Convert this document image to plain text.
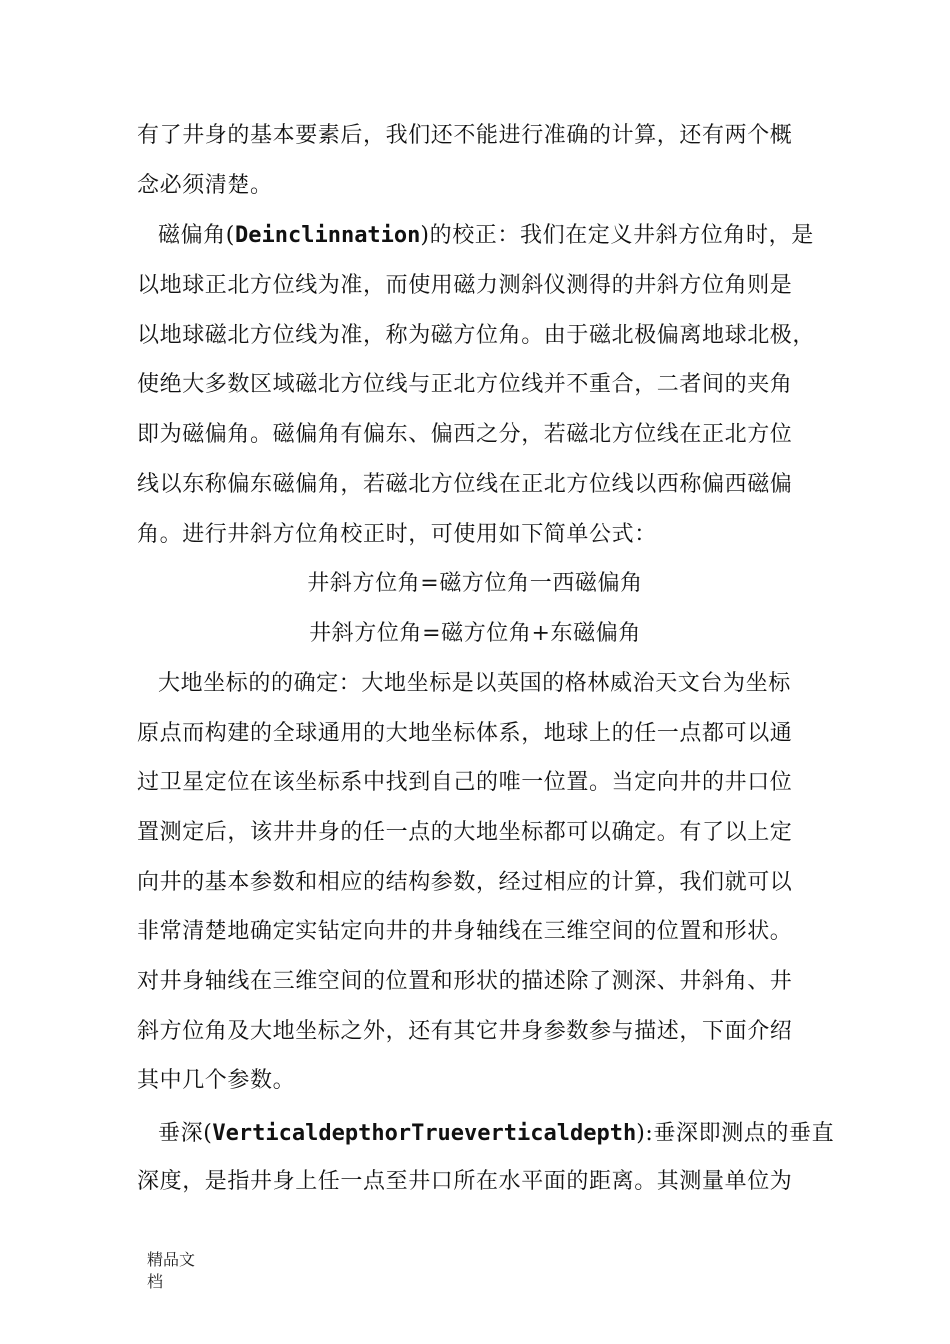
有了井身的基本要素后，我们还不能进行准确的计算，还有两个概
念必须清楚。
磁偏角(Deinclinnation)的校正：我们在定义井斜方位角时，是
以地球正北方位线为准，而使用磁力测斜仪测得的井斜方位角则是
以地球磁北方位线为准，称为磁方位角。由于磁北极偏离地球北极，
使绝大多数区域磁北方位线与正北方位线并不重合，二者间的夹角
即为磁偏角。磁偏角有偏东、偏西之分，若磁北方位线在正北方位
线以东称偏东磁偏角，若磁北方位线在正北方位线以西称偏西磁偏
角。进行井斜方位角校正时，可使用如下简单公式：
井斜方位角=磁方位角一西磁偏角
井斜方位角=磁方位角+东磁偏角
大地坐标的的确定：大地坐标是以英国的格林威治天文台为坐标
原点而构建的全球通用的大地坐标体系，地球上的任一点都可以通
过卫星定位在该坐标系中找到自己的唯一位置。当定向井的井口位
置测定后，该井井身的任一点的大地坐标都可以确定。有了以上定
向井的基本参数和相应的结构参数，经过相应的计算，我们就可以
非常清楚地确定实钻定向井的井身轴线在三维空间的位置和形状。
对井身轴线在三维空间的位置和形状的描述除了测深、井斜角、井
斜方位角及大地坐标之外，还有其它井身参数参与描述，下面介绍
其中几个参数。
垂深(VerticaldepthorTrueverticaldepth):垂深即测点的垂直
深度，是指井身上任一点至井口所在水平面的距离。其测量单位为
精品文
档
